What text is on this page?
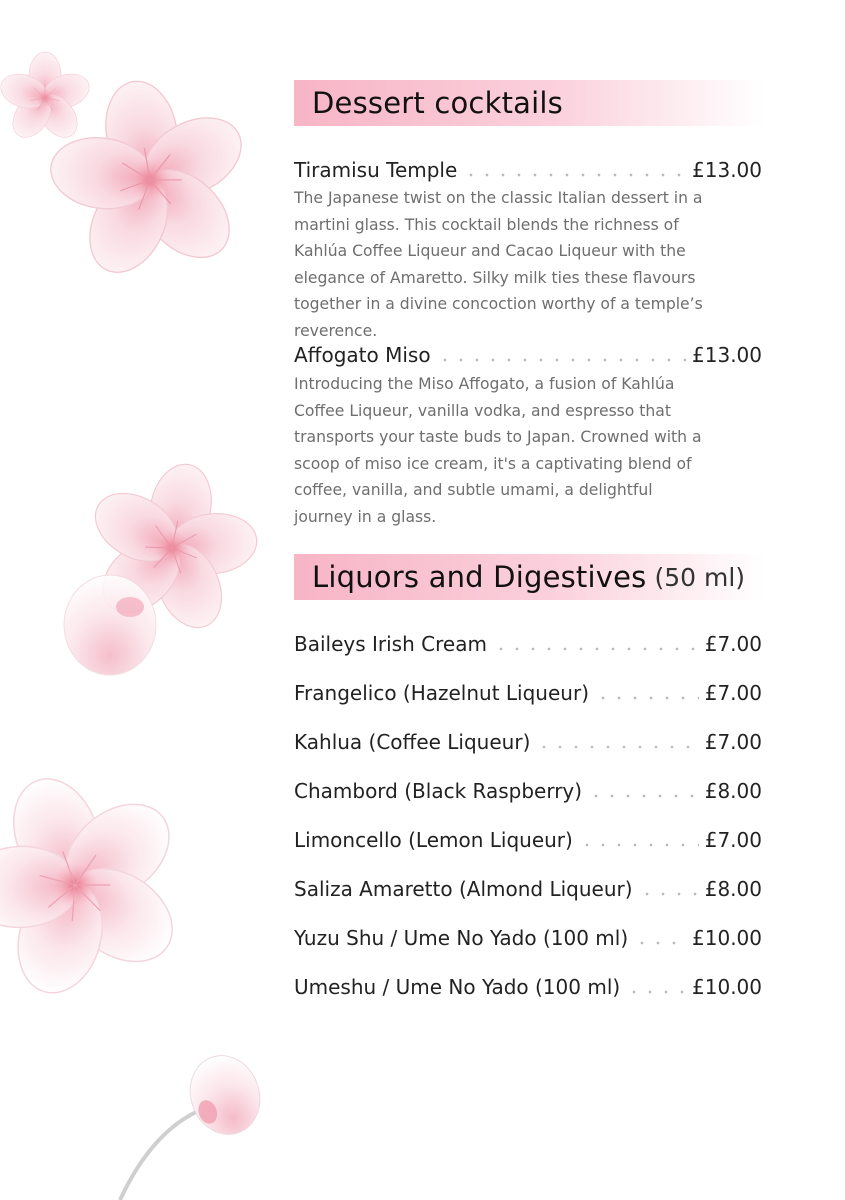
Dessert cocktails
Tiramisu Temple	£13.00
The Japanese twist on the classic Italian dessert in a martini glass. This cocktail blends the richness of Kahlúa Coffee Liqueur and Cacao Liqueur with the elegance of Amaretto. Silky milk ties these flavours together in a divine concoction worthy of a temple’s reverence.
Affogato Miso	£13.00
Introducing the Miso Affogato, a fusion of Kahlúa Coffee Liqueur, vanilla vodka, and espresso that transports your taste buds to Japan. Crowned with a scoop of miso ice cream, it's a captivating blend of coffee, vanilla, and subtle umami, a delightful journey in a glass.
Liquors and Digestives (50 ml)
Baileys Irish Cream	£7.00
Frangelico (Hazelnut Liqueur)	£7.00
Kahlua (Coffee Liqueur)	£7.00
Chambord (Black Raspberry)	£8.00
Limoncello (Lemon Liqueur)	£7.00
Saliza Amaretto (Almond Liqueur)	£8.00
Yuzu Shu / Ume No Yado (100 ml)	£10.00
Umeshu / Ume No Yado (100 ml)	£10.00
